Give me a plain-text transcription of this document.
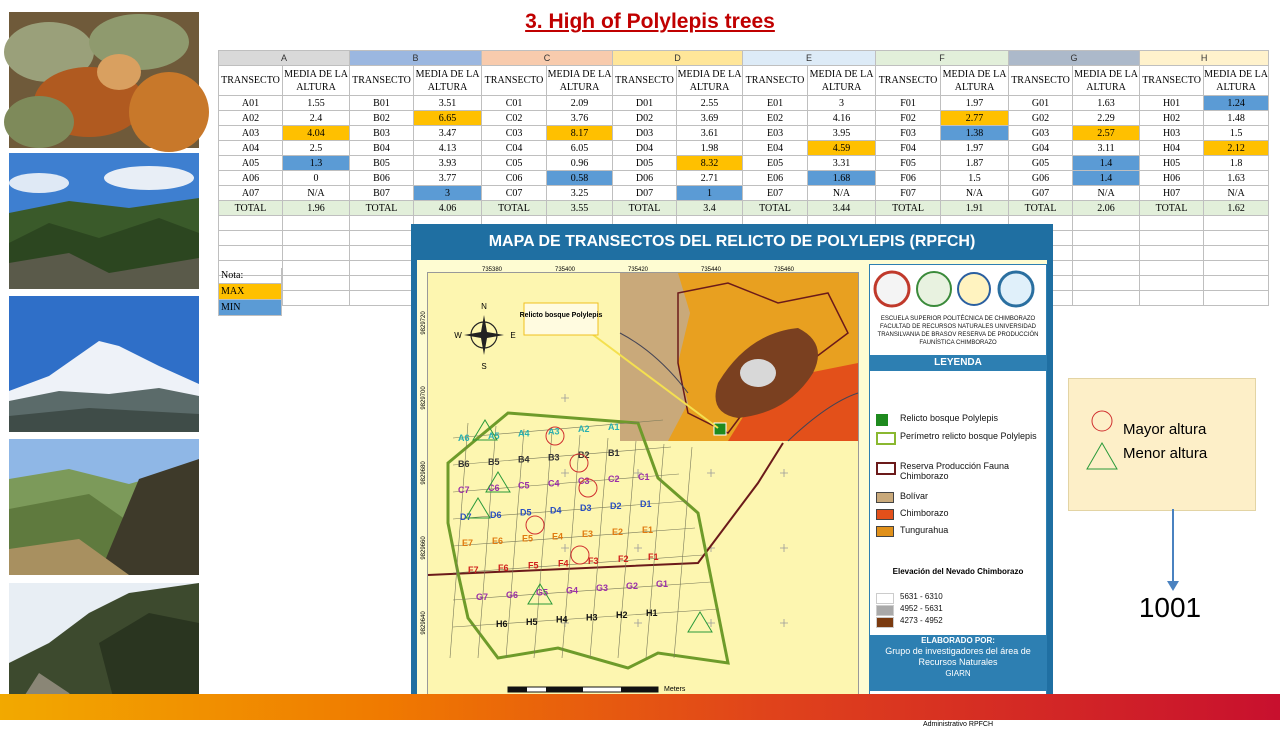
3. High of Polylepis trees
A		B		C		D		E		F		G		H	
TRANSECTO	MEDIA DE LA ALTURA	TRANSECTO	MEDIA DE LA ALTURA	TRANSECTO	MEDIA DE LA ALTURA	TRANSECTO	MEDIA DE LA ALTURA	TRANSECTO	MEDIA DE LA ALTURA	TRANSECTO	MEDIA DE LA ALTURA	TRANSECTO	MEDIA DE LA ALTURA	TRANSECTO	MEDIA DE LA ALTURA
A01	1.55	B01	3.51	C01	2.09	D01	2.55	E01	3	F01	1.97	G01	1.63	H01	1.24
A02	2.4	B02	6.65	C02	3.76	D02	3.69	E02	4.16	F02	2.77	G02	2.29	H02	1.48
A03	4.04	B03	3.47	C03	8.17	D03	3.61	E03	3.95	F03	1.38	G03	2.57	H03	1.5
A04	2.5	B04	4.13	C04	6.05	D04	1.98	E04	4.59	F04	1.97	G04	3.11	H04	2.12
A05	1.3	B05	3.93	C05	0.96	D05	8.32	E05	3.31	F05	1.87	G05	1.4	H05	1.8
A06	0	B06	3.77	C06	0.58	D06	2.71	E06	1.68	F06	1.5	G06	1.4	H06	1.63
A07	N/A	B07	3	C07	3.25	D07	1	E07	N/A	F07	N/A	G07	N/A	H07	N/A
TOTAL	1.96	TOTAL	4.06	TOTAL	3.55	TOTAL	3.4	TOTAL	3.44	TOTAL	1.91	TOTAL	2.06	TOTAL	1.62

Nota:
MAX
MIN
MAPA DE TRANSECTOS DEL RELICTO DE POLYLEPIS (RPFCH)
735380	735400	735420	735440	735460
9829720
9829700
9829680
9829660
9829640
Relicto bosque Polylepis
N
S
W	E
A6 A5 A4 A3 A2 A1
B6 B5 B4 B3 B2 B1
C7 C6 C5 C4 C3 C2 C1
D7 D6 D5 D4 D3 D2 D1
E7 E6 E5 E4 E3 E2 E1
F7 F6 F5 F4 F3 F2 F1
G7 G6 G5 G4 G3 G2 G1
H6 H5 H4 H3 H2 H1
Meters
ESCUELA SUPERIOR POLITÉCNICA DE CHIMBORAZO FACULTAD DE RECURSOS NATURALES UNIVERSIDAD TRANSILVANIA DE BRASOV RESERVA DE PRODUCCIÓN FAUNÍSTICA CHIMBORAZO
LEYENDA
Relicto bosque Polylepis
Perímetro relicto bosque Polylepis
Reserva Producción Fauna Chimborazo
Bolívar
Chimborazo
Tungurahua
Elevación del Nevado Chimborazo
5631 - 6310
4952 - 5631
4273 - 4952
ELABORADO POR:
Grupo de investigadores del área de Recursos Naturales
GIARN
Administrativo RPFCH
Mayor altura
Menor altura
1001
